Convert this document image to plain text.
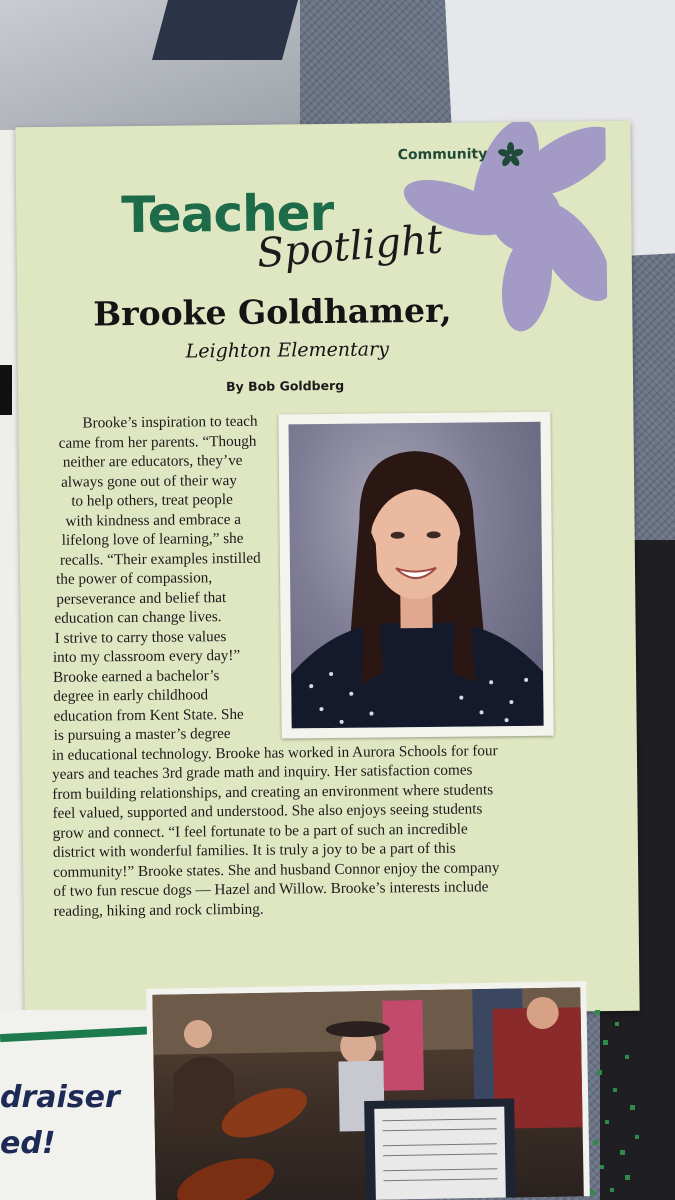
Community
Teacher
Spotlight
Brooke Goldhamer,
Leighton Elementary
By Bob Goldberg
Brooke’s inspiration to teach
came from her parents. “Though
neither are educators, they’ve
always gone out of their way
to help others, treat people
with kindness and embrace a
lifelong love of learning,” she
recalls. “Their examples instilled
the power of compassion,
perseverance and belief that
education can change lives.
I strive to carry those values
into my classroom every day!”
Brooke earned a bachelor’s
degree in early childhood
education from Kent State. She
is pursuing a master’s degree
in educational technology. Brooke has worked in Aurora Schools for four
years and teaches 3rd grade math and inquiry. Her satisfaction comes
from building relationships, and creating an environment where students
feel valued, supported and understood. She also enjoys seeing students
grow and connect. “I feel fortunate to be a part of such an incredible
district with wonderful families. It is truly a joy to be a part of this
community!” Brooke states. She and husband Connor enjoy the company
of two fun rescue dogs — Hazel and Willow. Brooke’s interests include
reading, hiking and rock climbing.
draiser
ed!
